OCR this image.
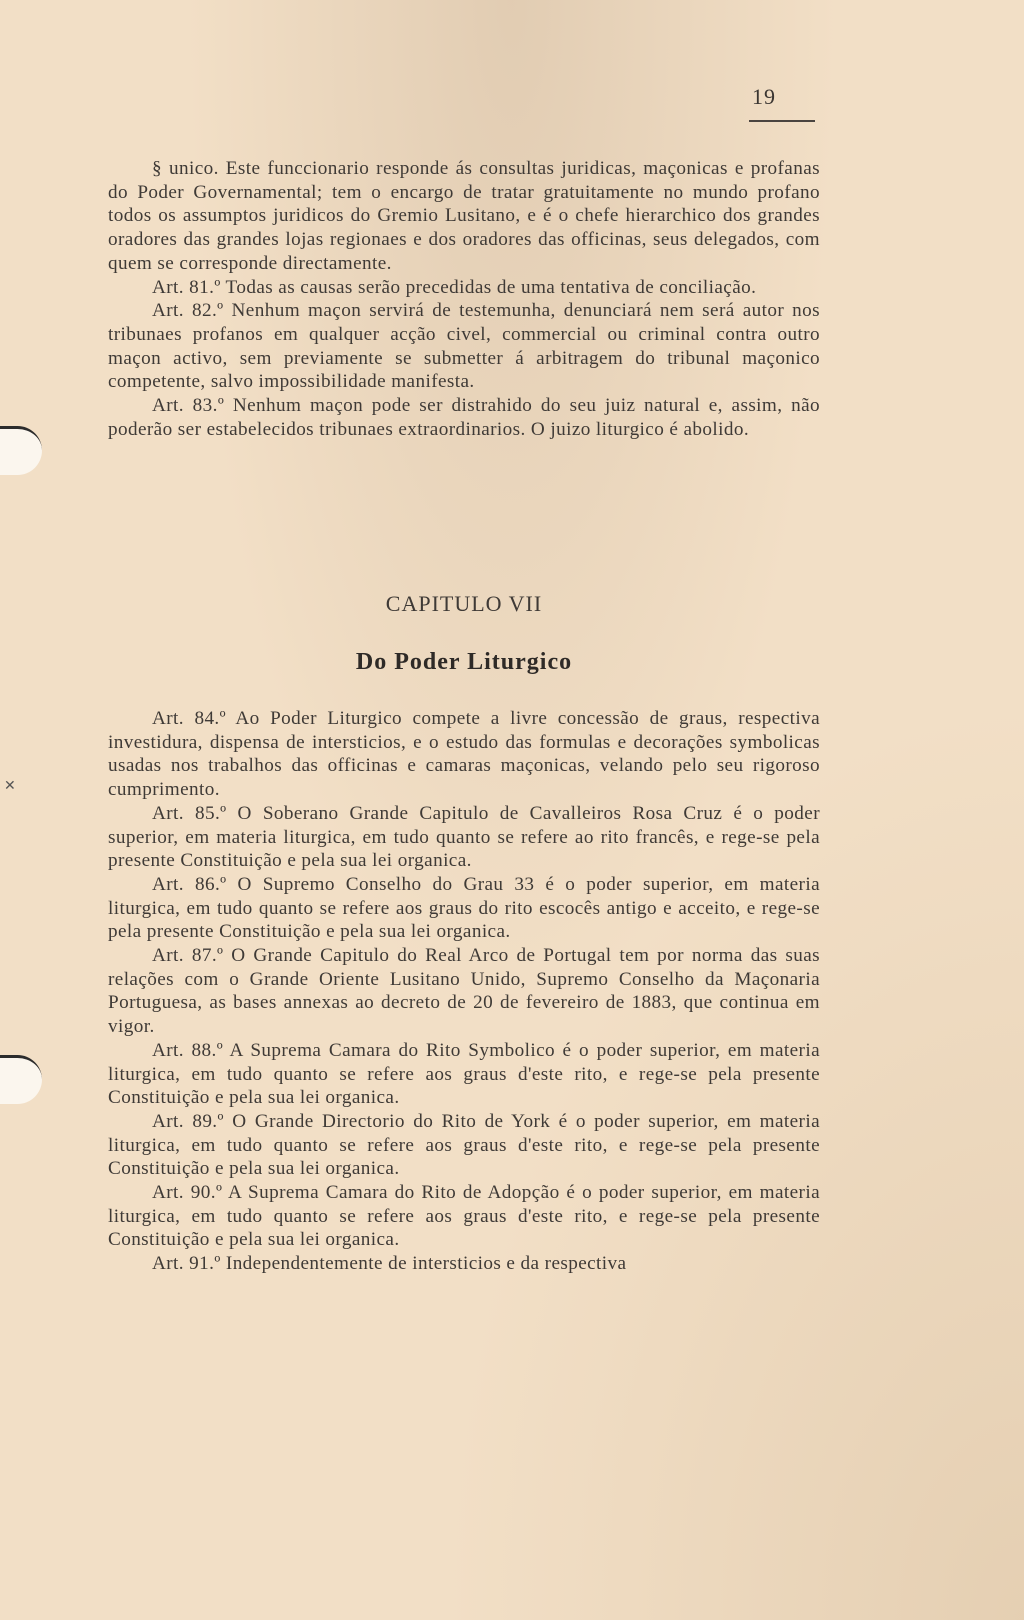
19

§ unico. Este funccionario responde ás consultas juridicas, maçonicas e profanas do Poder Governamental; tem o encargo de tratar gratuitamente no mundo profano todos os assumptos juridicos do Gremio Lusitano, e é o chefe hierarchico dos grandes oradores das grandes lojas regionaes e dos oradores das officinas, seus delegados, com quem se corresponde directamente.

Art. 81.º Todas as causas serão precedidas de uma tentativa de conciliação.

Art. 82.º Nenhum maçon servirá de testemunha, denunciará nem será autor nos tribunaes profanos em qualquer acção civel, commercial ou criminal contra outro maçon activo, sem previamente se submetter á arbitragem do tribunal maçonico competente, salvo impossibilidade manifesta.

Art. 83.º Nenhum maçon pode ser distrahido do seu juiz natural e, assim, não poderão ser estabelecidos tribunaes extraordinarios. O juizo liturgico é abolido.

CAPITULO VII
Do Poder Liturgico

Art. 84.º Ao Poder Liturgico compete a livre concessão de graus, respectiva investidura, dispensa de intersticios, e o estudo das formulas e decorações symbolicas usadas nos trabalhos das officinas e camaras maçonicas, velando pelo seu rigoroso cumprimento.

Art. 85.º O Soberano Grande Capitulo de Cavalleiros Rosa Cruz é o poder superior, em materia liturgica, em tudo quanto se refere ao rito francês, e rege-se pela presente Constituição e pela sua lei organica.

Art. 86.º O Supremo Conselho do Grau 33 é o poder superior, em materia liturgica, em tudo quanto se refere aos graus do rito escocês antigo e acceito, e rege-se pela presente Constituição e pela sua lei organica.

Art. 87.º O Grande Capitulo do Real Arco de Portugal tem por norma das suas relações com o Grande Oriente Lusitano Unido, Supremo Conselho da Maçonaria Portuguesa, as bases annexas ao decreto de 20 de fevereiro de 1883, que continua em vigor.

Art. 88.º A Suprema Camara do Rito Symbolico é o poder superior, em materia liturgica, em tudo quanto se refere aos graus d'este rito, e rege-se pela presente Constituição e pela sua lei organica.

Art. 89.º O Grande Directorio do Rito de York é o poder superior, em materia liturgica, em tudo quanto se refere aos graus d'este rito, e rege-se pela presente Constituição e pela sua lei organica.

Art. 90.º A Suprema Camara do Rito de Adopção é o poder superior, em materia liturgica, em tudo quanto se refere aos graus d'este rito, e rege-se pela presente Constituição e pela sua lei organica.

Art. 91.º Independentemente de intersticios e da respectiva

✕
